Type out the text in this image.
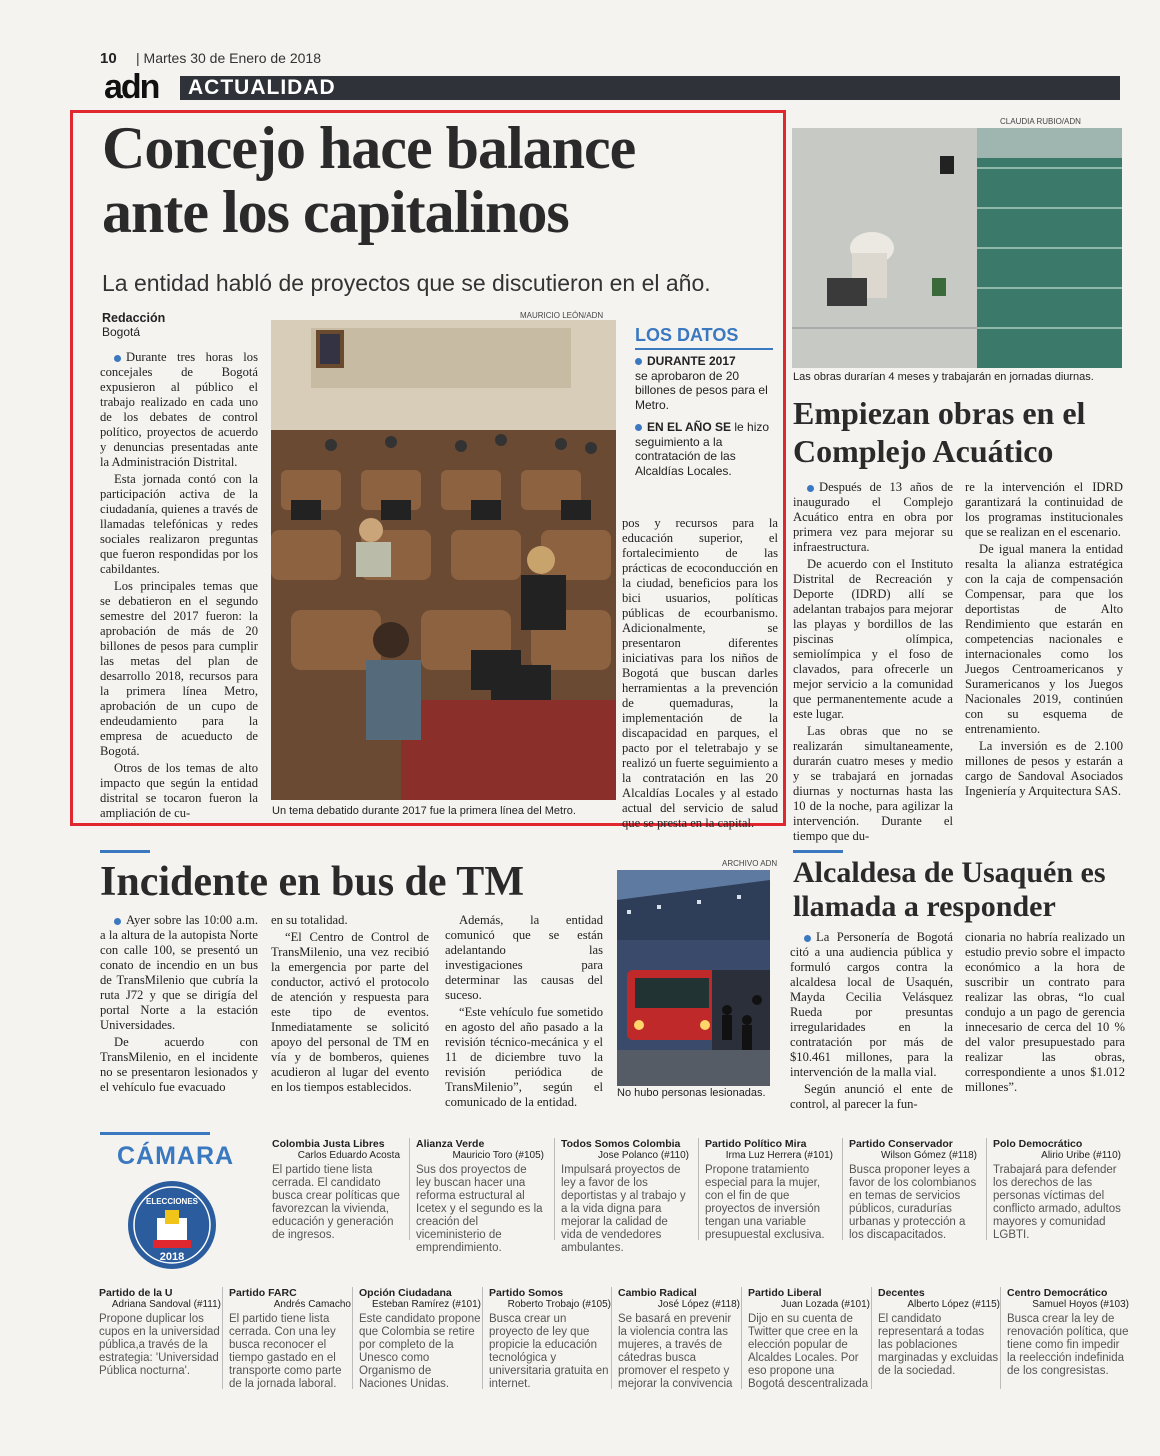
10 | Martes 30 de Enero de 2018
adn ACTUALIDAD
Concejo hace balance
ante los capitalinos
La entidad habló de proyectos que se discutieron en el año.
Redacción
Bogotá

Durante tres horas los concejales de Bogotá expusieron al público el trabajo realizado en cada uno de los debates de control político, proyectos de acuerdo y denuncias presentadas ante la Administración Distrital.

Esta jornada contó con la participación activa de la ciudadanía, quienes a través de llamadas telefónicas y redes sociales realizaron preguntas que fueron respondidas por los cabildantes.

Los principales temas que se debatieron en el segundo semestre del 2017 fueron: la aprobación de más de 20 billones de pesos para cumplir las metas del plan de desarrollo 2018, recursos para la primera línea Metro, aprobación de un cupo de endeudamiento para la empresa de acueducto de Bogotá.

Otros de los temas de alto impacto que según la entidad distrital se tocaron fueron la ampliación de cu-

MAURICIO LEÓN/ADN
Un tema debatido durante 2017 fue la primera línea del Metro.
LOS DATOS
DURANTE 2017
se aprobaron de 20 billones de pesos para el Metro.
EN EL AÑO SE le hizo seguimiento a la contratación de las Alcaldías Locales.

pos y recursos para la educación superior, el fortalecimiento de las prácticas de ecoconducción en la ciudad, beneficios para los bici usuarios, políticas públicas de ecourbanismo. Adicionalmente, se presentaron diferentes iniciativas para los niños de Bogotá que buscan darles herramientas a la prevención de quemaduras, la implementación de la discapacidad en parques, el pacto por el teletrabajo y se realizó un fuerte seguimiento a la contratación en las 20 Alcaldías Locales y al estado actual del servicio de salud que se presta en la capital.

CLAUDIA RUBIO/ADN
Las obras durarían 4 meses y trabajarán en jornadas diurnas.
Empiezan obras en el Complejo Acuático

Después de 13 años de inaugurado el Complejo Acuático entra en obra por primera vez para mejorar su infraestructura.

De acuerdo con el Instituto Distrital de Recreación y Deporte (IDRD) allí se adelantan trabajos para mejorar las playas y bordillos de las piscinas olímpica, semiolímpica y el foso de clavados, para ofrecerle un mejor servicio a la comunidad que permanentemente acude a este lugar.

Las obras que no se realizarán simultaneamente, durarán cuatro meses y medio y se trabajará en jornadas diurnas y nocturnas hasta las 10 de la noche, para agilizar la intervención. Durante el tiempo que du-

re la intervención el IDRD garantizará la continuidad de los programas institucionales que se realizan en el escenario.

De igual manera la entidad resalta la alianza estratégica con la caja de compensación Compensar, para que los deportistas de Alto Rendimiento que estarán en competencias nacionales e internacionales como los Juegos Centroamericanos y Suramericanos y los Juegos Nacionales 2019, continúen con su esquema de entrenamiento.

La inversión es de 2.100 millones de pesos y estarán a cargo de Sandoval Asociados Ingeniería y Arquitectura SAS.

Incidente en bus de TM

Ayer sobre las 10:00 a.m. a la altura de la autopista Norte con calle 100, se presentó un conato de incendio en un bus de TransMilenio que cubría la ruta J72 y que se dirigía del portal Norte a la estación Universidades.

De acuerdo con TransMilenio, en el incidente no se presentaron lesionados y el vehículo fue evacuado

en su totalidad.

“El Centro de Control de TransMilenio, una vez recibió la emergencia por parte del conductor, activó el protocolo de atención y respuesta para este tipo de eventos. Inmediatamente se solicitó apoyo del personal de TM en vía y de bomberos, quienes acudieron al lugar del evento en los tiempos establecidos.

Además, la entidad comunicó que se están adelantando las investigaciones para determinar las causas del suceso.

“Este vehículo fue sometido en agosto del año pasado a la revisión técnico-mecánica y el 11 de diciembre tuvo la revisión periódica de TransMilenio”, según el comunicado de la entidad.

ARCHIVO ADN
No hubo personas lesionadas.
Alcaldesa de Usaquén es llamada a responder

La Personería de Bogotá citó a una audiencia pública y formuló cargos contra la alcaldesa local de Usaquén, Mayda Cecilia Velásquez Rueda por presuntas irregularidades en la contratación por más de $10.461 millones, para la intervención de la malla vial.

Según anunció el ente de control, al parecer la fun-

cionaria no habría realizado un estudio previo sobre el impacto económico a la hora de suscribir un contrato para realizar las obras, “lo cual condujo a un pago de gerencia innecesario de cerca del 10 % del valor presupuestado para realizar las obras, correspondiente a unos $1.012 millones”.

CÁMARA
ELECCIONES
2018
Colombia Justa Libres
Carlos Eduardo Acosta
El partido tiene lista cerrada. El candidato busca crear políticas que favorezcan la vivienda, educación y generación de ingresos.
Alianza Verde
Mauricio Toro (#105)
Sus dos proyectos de ley buscan hacer una reforma estructural al Icetex y el segundo es la creación del viceministerio de emprendimiento.
Todos Somos Colombia
Jose Polanco (#110)
Impulsará proyectos de ley a favor de los deportistas y al trabajo y a la vida digna para mejorar la calidad de vida de vendedores ambulantes.
Partido Político Mira
Irma Luz Herrera (#101)
Propone tratamiento especial para la mujer, con el fin de que proyectos de inversión tengan una variable presupuestal exclusiva.
Partido Conservador
Wilson Gómez (#118)
Busca proponer leyes a favor de los colombianos en temas de servicios públicos, curadurías urbanas y protección a los discapacitados.
Polo Democrático
Alirio Uribe (#110)
Trabajará para defender los derechos de las personas víctimas del conflicto armado, adultos mayores y comunidad LGBTI.
Partido de la U
Adriana Sandoval (#111)
Propone duplicar los cupos en la universidad pública,a través de la estrategia: 'Universidad Pública nocturna'.
Partido FARC
Andrés Camacho
El partido tiene lista cerrada. Con una ley busca reconocer el tiempo gastado en el transporte como parte de la jornada laboral.
Opción Ciudadana
Esteban Ramírez (#101)
Este candidato propone que Colombia se retire por completo de la Unesco como Organismo de Naciones Unidas.
Partido Somos
Roberto Trobajo (#105)
Busca crear un proyecto de ley que propicie la educación tecnológica y universitaria gratuita en internet.
Cambio Radical
José López (#118)
Se basará en prevenir la violencia contra las mujeres, a través de cátedras busca promover el respeto y mejorar la convivencia
Partido Liberal
Juan Lozada (#101)
Dijo en su cuenta de Twitter que cree en la elección popular de Alcaldes Locales. Por eso propone una Bogotá descentralizada
Decentes
Alberto López (#115)
El candidato representará a todas las poblaciones marginadas y excluidas de la sociedad.
Centro Democrático
Samuel Hoyos (#103)
Busca crear la ley de renovación política, que tiene como fin impedir la reelección indefinida de los congresistas.
